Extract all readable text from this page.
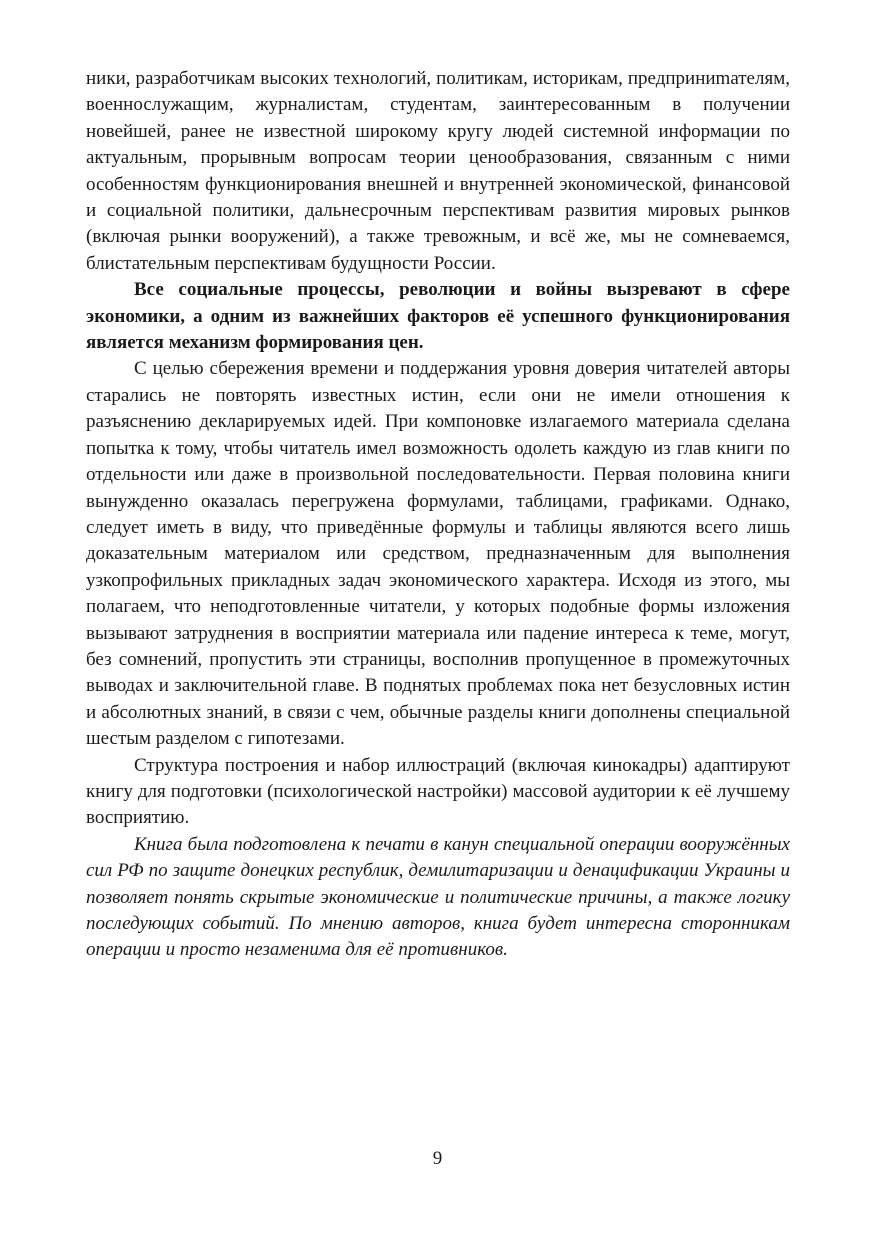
ники, разработчикам высоких технологий, политикам, историкам, предприниmателям, военнослужащим, журналистам, студентам, заинтересованным в получении новейшей, ранее не известной широкому кругу людей системной информации по актуальным, прорывным вопросам теории ценообразования, связанным с ними особенностям функционирования внешней и внутренней экономической, финансовой и социальной политики, дальнесрочным перспективам развития мировых рынков (включая рынки вооружений), а также тревожным, и всё же, мы не сомневаемся, блистательным перспективам будущности России.

Все социальные процессы, революции и войны вызревают в сфере экономики, а одним из важнейших факторов её успешного функционирования является механизм формирования цен.

С целью сбережения времени и поддержания уровня доверия читателей авторы старались не повторять известных истин, если они не имели отношения к разъяснению декларируемых идей. При компоновке излагаемого материала сделана попытка к тому, чтобы читатель имел возможность одолеть каждую из глав книги по отдельности или даже в произвольной последовательности. Первая половина книги вынужденно оказалась перегружена формулами, таблицами, графиками. Однако, следует иметь в виду, что приведённые формулы и таблицы являются всего лишь доказательным материалом или средством, предназначенным для выполнения узкопрофильных прикладных задач экономического характера. Исходя из этого, мы полагаем, что неподготовленные читатели, у которых подобные формы изложения вызывают затруднения в восприятии материала или падение интереса к теме, могут, без сомнений, пропустить эти страницы, восполнив пропущенное в промежуточных выводах и заключительной главе. В поднятых проблемах пока нет безусловных истин и абсолютных знаний, в связи с чем, обычные разделы книги дополнены специальной шестым разделом с гипотезами.

Структура построения и набор иллюстраций (включая кинокадры) адаптируют книгу для подготовки (психологической настройки) массовой аудитории к её лучшему восприятию.

Книга была подготовлена к печати в канун специальной операции вооружённых сил РФ по защите донецких республик, демилитаризации и денацификации Украины и позволяет понять скрытые экономические и политические причины, а также логику последующих событий. По мнению авторов, книга будет интересна сторонникам операции и просто незаменима для её противников.

9
